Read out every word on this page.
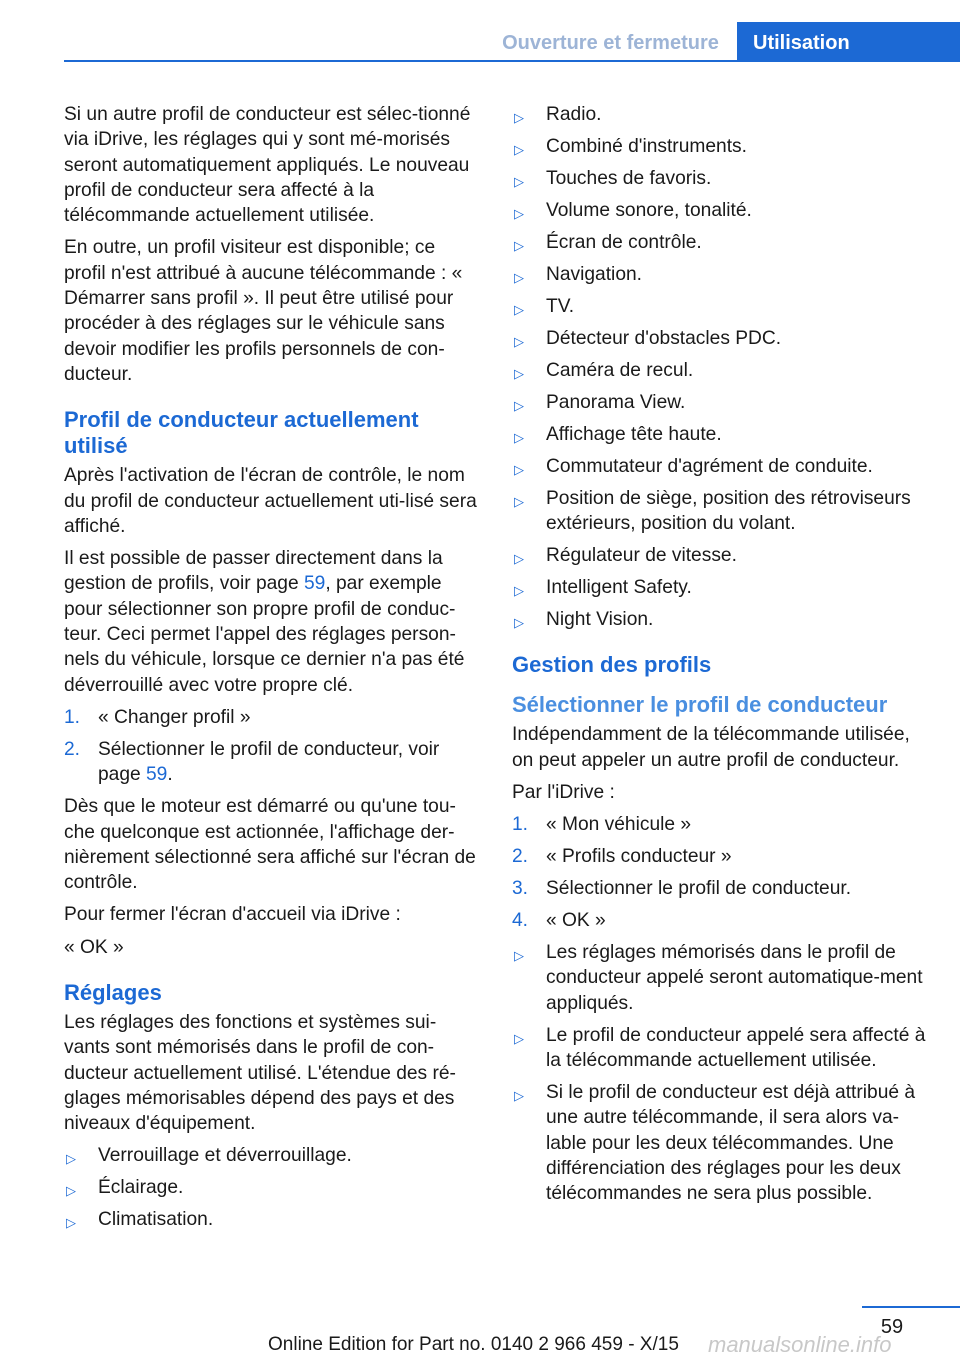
Ouverture et fermeture	Utilisation

Si un autre profil de conducteur est sélec-tionné via iDrive, les réglages qui y sont mé-morisés seront automatiquement appliqués. Le nouveau profil de conducteur sera affecté à la télécommande actuellement utilisée.

En outre, un profil visiteur est disponible; ce profil n'est attribué à aucune télécommande : « Démarrer sans profil ». Il peut être utilisé pour procéder à des réglages sur le véhicule sans devoir modifier les profils personnels de con-ducteur.

Profil de conducteur actuellement utilisé

Après l'activation de l'écran de contrôle, le nom du profil de conducteur actuellement uti-lisé sera affiché.

Il est possible de passer directement dans la gestion de profils, voir page 59, par exemple pour sélectionner son propre profil de conduc-teur. Ceci permet l'appel des réglages person-nels du véhicule, lorsque ce dernier n'a pas été déverrouillé avec votre propre clé.

1. « Changer profil »
2. Sélectionner le profil de conducteur, voir page 59.

Dès que le moteur est démarré ou qu'une tou-che quelconque est actionnée, l'affichage der-nièrement sélectionné sera affiché sur l'écran de contrôle.

Pour fermer l'écran d'accueil via iDrive :

« OK »

Réglages

Les réglages des fonctions et systèmes sui-vants sont mémorisés dans le profil de con-ducteur actuellement utilisé. L'étendue des ré-glages mémorisables dépend des pays et des niveaux d'équipement.

▷ Verrouillage et déverrouillage.
▷ Éclairage.
▷ Climatisation.
▷ Radio.
▷ Combiné d'instruments.
▷ Touches de favoris.
▷ Volume sonore, tonalité.
▷ Écran de contrôle.
▷ Navigation.
▷ TV.
▷ Détecteur d'obstacles PDC.
▷ Caméra de recul.
▷ Panorama View.
▷ Affichage tête haute.
▷ Commutateur d'agrément de conduite.
▷ Position de siège, position des rétroviseurs extérieurs, position du volant.
▷ Régulateur de vitesse.
▷ Intelligent Safety.
▷ Night Vision.
Gestion des profils
Sélectionner le profil de conducteur

Indépendamment de la télécommande utilisée, on peut appeler un autre profil de conducteur.

Par l'iDrive :

1. « Mon véhicule »
2. « Profils conducteur »
3. Sélectionner le profil de conducteur.
4. « OK »
▷ Les réglages mémorisés dans le profil de conducteur appelé seront automatique-ment appliqués.
▷ Le profil de conducteur appelé sera affecté à la télécommande actuellement utilisée.
▷ Si le profil de conducteur est déjà attribué à une autre télécommande, il sera alors va-lable pour les deux télécommandes. Une différenciation des réglages pour les deux télécommandes ne sera plus possible.
59
Online Edition for Part no. 0140 2 966 459 - X/15 manualsonline.info
